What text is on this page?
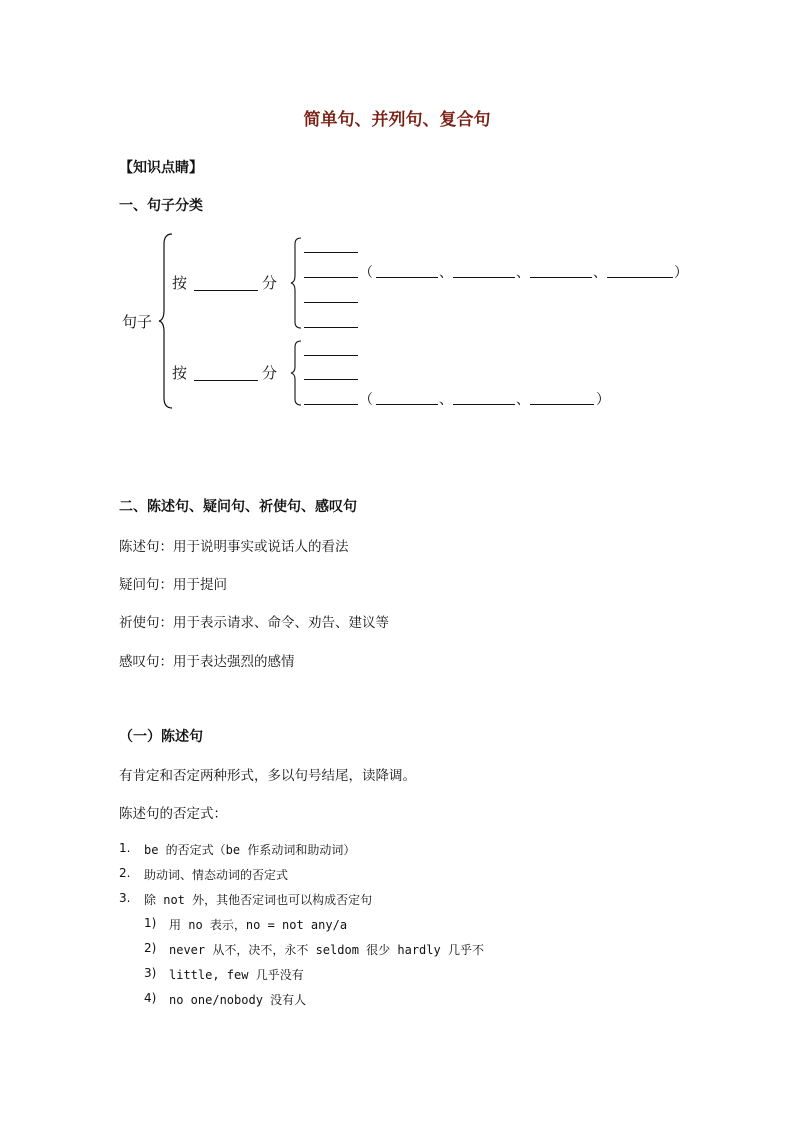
简单句、并列句、复合句
【知识点睛】
一、句子分类
句子
按	分
（	、	、	、	）
按	分
（	、	、	）
二、陈述句、疑问句、祈使句、感叹句
陈述句：用于说明事实或说话人的看法
疑问句：用于提问
祈使句：用于表示请求、命令、劝告、建议等
感叹句：用于表达强烈的感情
（一）陈述句
有肯定和否定两种形式，多以句号结尾，读降调。
陈述句的否定式：
1. be 的否定式（be 作系动词和助动词）
2. 助动词、情态动词的否定式
3. 除 not 外，其他否定词也可以构成否定句
1) 用 no 表示，no = not any/a
2) never 从不，决不，永不 seldom 很少 hardly 几乎不
3) little, few 几乎没有
4) no one/nobody 没有人
